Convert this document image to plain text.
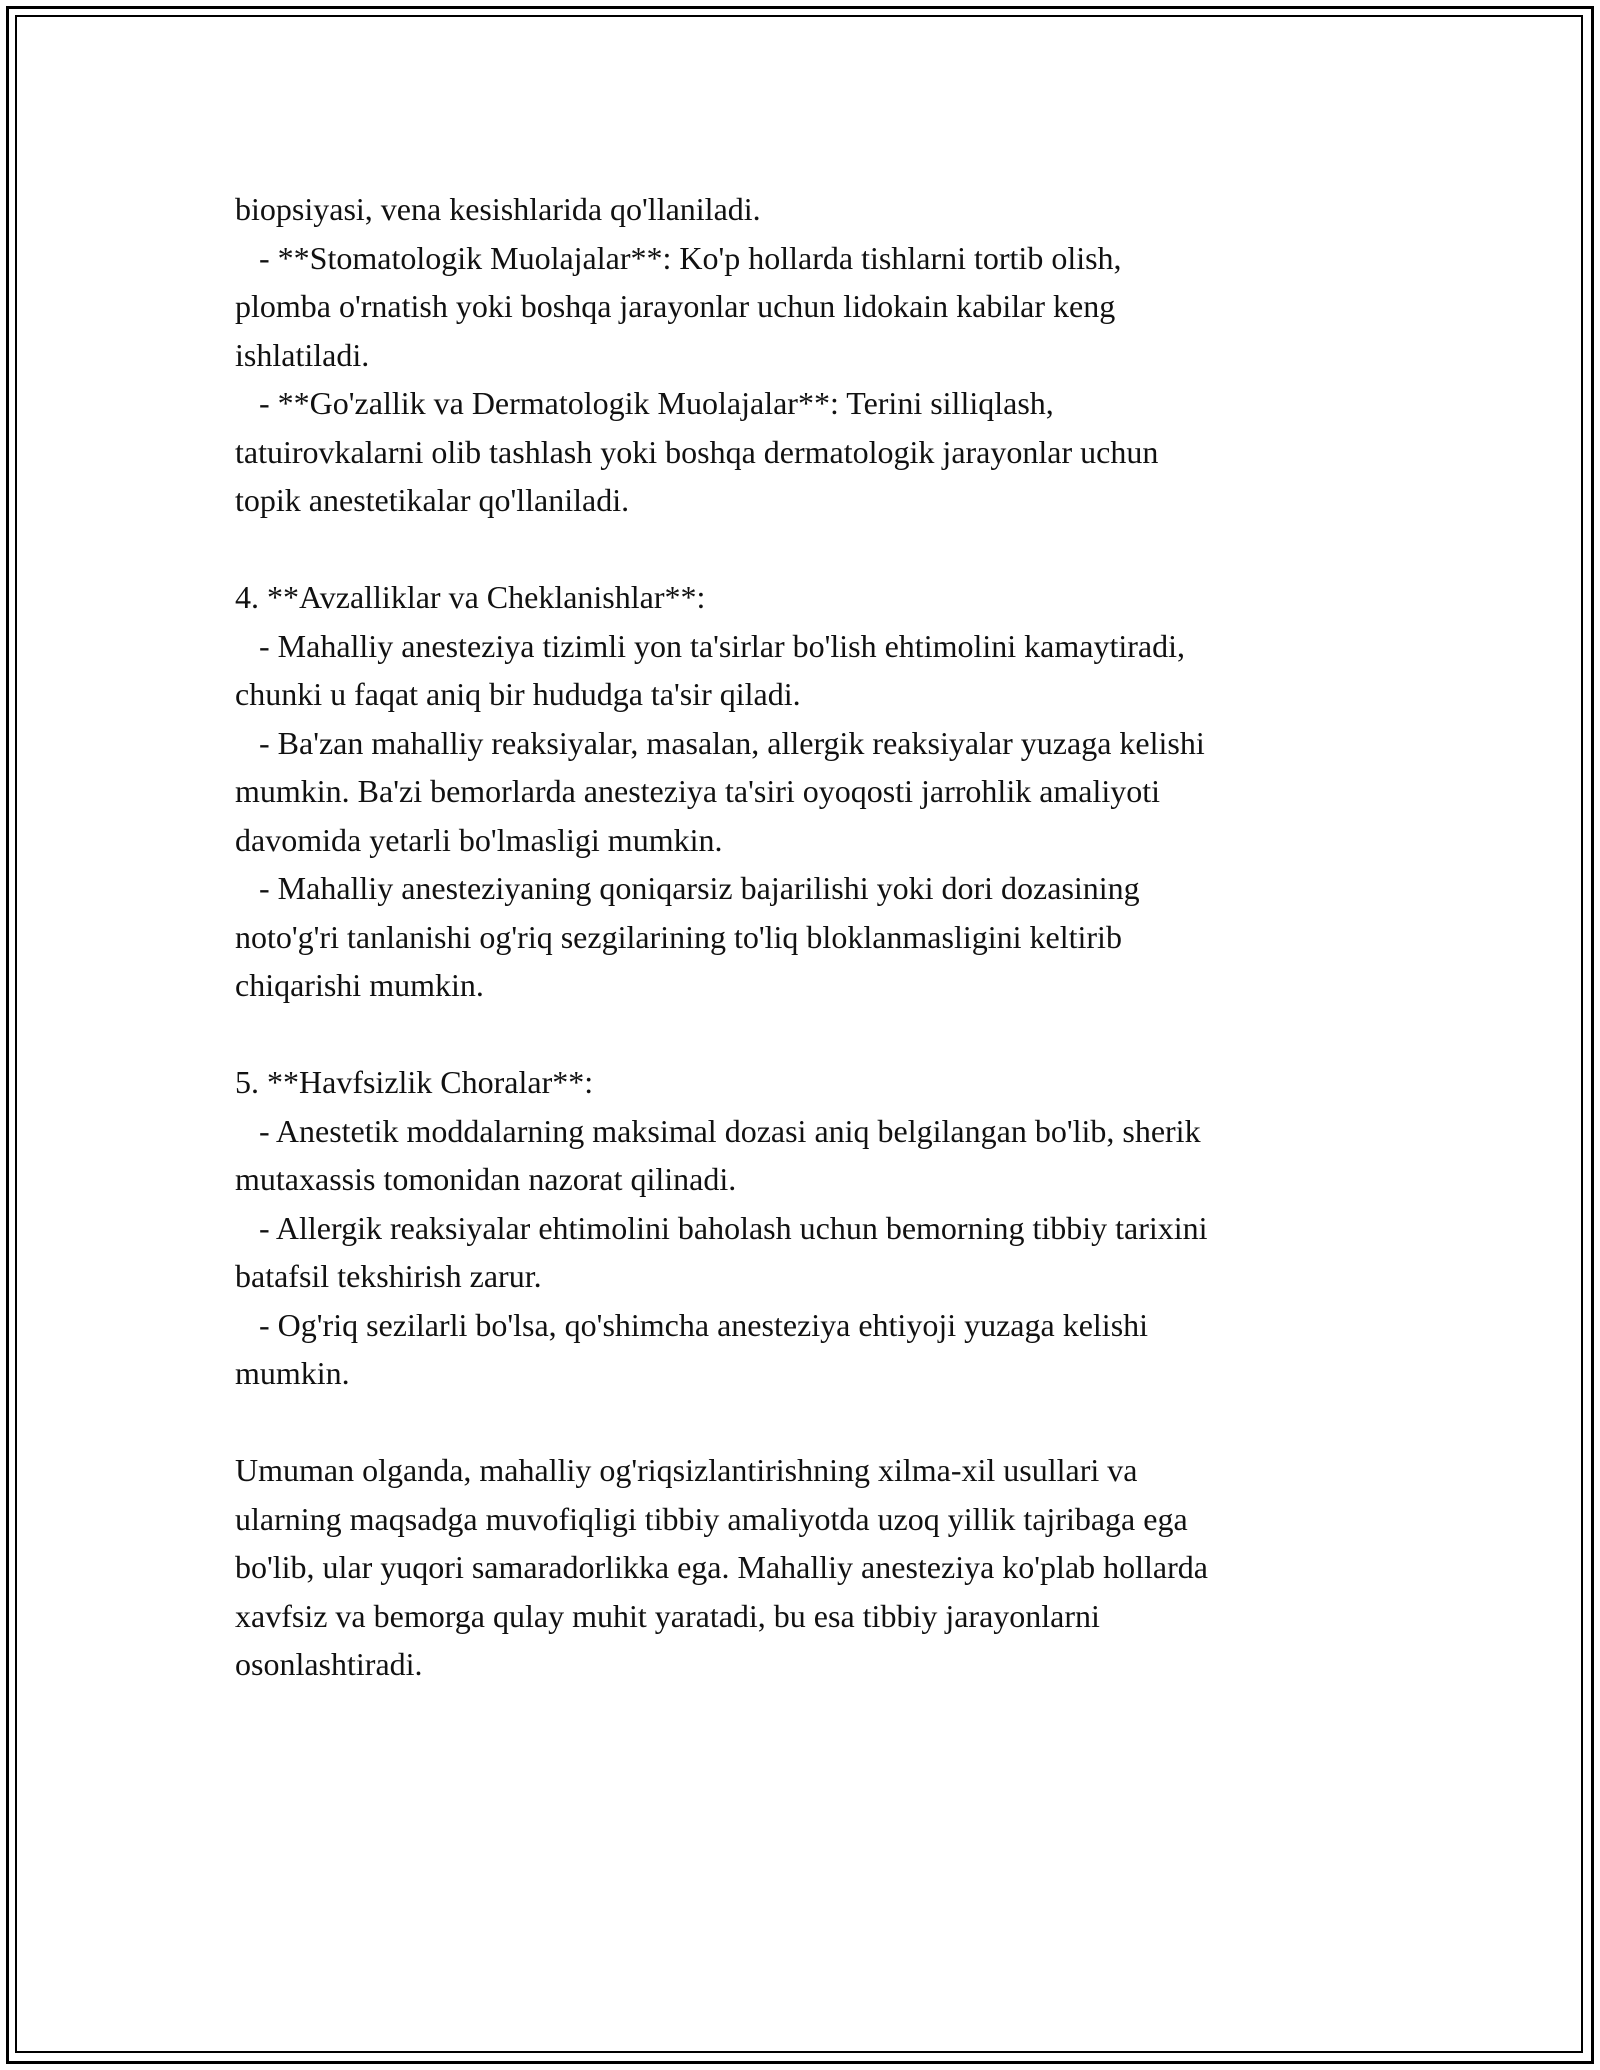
biopsiyasi, vena kesishlarida qo'llaniladi.
- **Stomatologik Muolajalar**: Ko'p hollarda tishlarni tortib olish,
plomba o'rnatish yoki boshqa jarayonlar uchun lidokain kabilar keng
ishlatiladi.
- **Go'zallik va Dermatologik Muolajalar**: Terini silliqlash,
tatuirovkalarni olib tashlash yoki boshqa dermatologik jarayonlar uchun
topik anestetikalar qo'llaniladi.
4. **Avzalliklar va Cheklanishlar**:
- Mahalliy anesteziya tizimli yon ta'sirlar bo'lish ehtimolini kamaytiradi,
chunki u faqat aniq bir hududga ta'sir qiladi.
- Ba'zan mahalliy reaksiyalar, masalan, allergik reaksiyalar yuzaga kelishi
mumkin. Ba'zi bemorlarda anesteziya ta'siri oyoqosti jarrohlik amaliyoti
davomida yetarli bo'lmasligi mumkin.
- Mahalliy anesteziyaning qoniqarsiz bajarilishi yoki dori dozasining
noto'g'ri tanlanishi og'riq sezgilarining to'liq bloklanmasligini keltirib
chiqarishi mumkin.
5. **Havfsizlik Choralar**:
- Anestetik moddalarning maksimal dozasi aniq belgilangan bo'lib, sherik
mutaxassis tomonidan nazorat qilinadi.
- Allergik reaksiyalar ehtimolini baholash uchun bemorning tibbiy tarixini
batafsil tekshirish zarur.
- Og'riq sezilarli bo'lsa, qo'shimcha anesteziya ehtiyoji yuzaga kelishi
mumkin.
Umuman olganda, mahalliy og'riqsizlantirishning xilma-xil usullari va
ularning maqsadga muvofiqligi tibbiy amaliyotda uzoq yillik tajribaga ega
bo'lib, ular yuqori samaradorlikka ega. Mahalliy anesteziya ko'plab hollarda
xavfsiz va bemorga qulay muhit yaratadi, bu esa tibbiy jarayonlarni
osonlashtiradi.
